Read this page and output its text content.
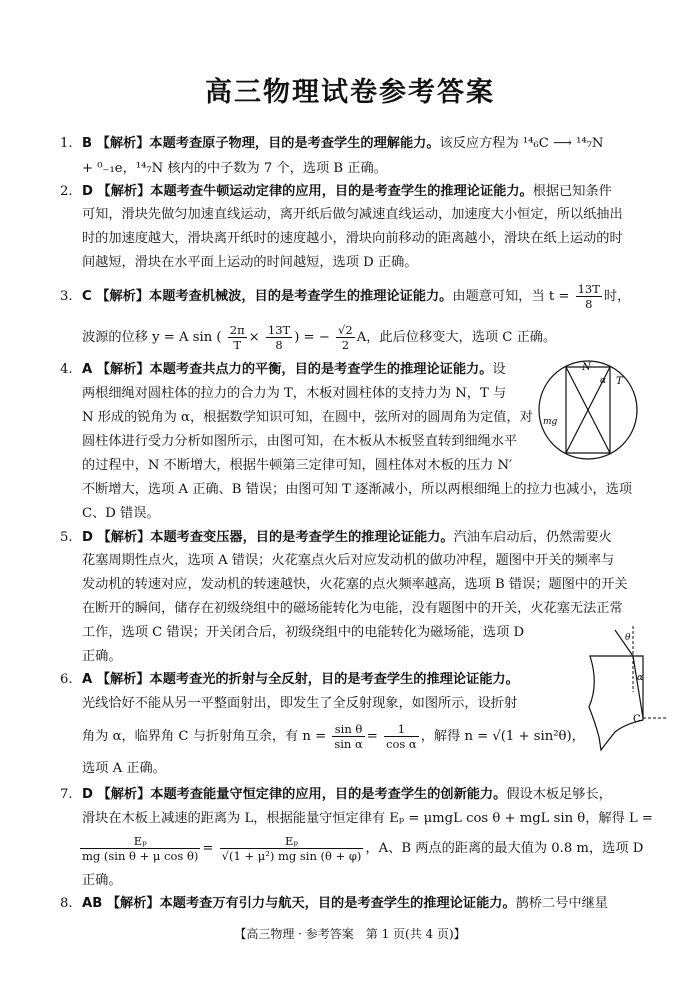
高三物理试卷参考答案
1. B 【解析】本题考查原子物理，目的是考查学生的理解能力。该反应方程为 ¹⁴₆C ⟶ ¹⁴₇N
+ ⁰₋₁e，¹⁴₇N 核内的中子数为 7 个，选项 B 正确。
2. D 【解析】本题考查牛顿运动定律的应用，目的是考查学生的推理论证能力。根据已知条件
可知，滑块先做匀加速直线运动，离开纸后做匀减速直线运动，加速度大小恒定，所以纸抽出
时的加速度越大，滑块离开纸时的速度越小，滑块向前移动的距离越小，滑块在纸上运动的时
间越短，滑块在水平面上运动的时间越短，选项 D 正确。
3. C 【解析】本题考查机械波，目的是考查学生的推理论证能力。由题意可知，当 $t = \frac{13T}{8}$ 时，
波源的位移 y = A sin ( $\frac{2\pi}{T} \times \frac{13T}{8}$ ) = − $\frac{√2}{2}$ A，此后位移变大，选项 C 正确。
4. A 【解析】本题考查共点力的平衡，目的是考查学生的推理论证能力。设
两根细绳对圆柱体的拉力的合力为 T，木板对圆柱体的支持力为 N，T 与
N 形成的锐角为 α，根据数学知识可知，在圆中，弦所对的圆周角为定值，对
圆柱体进行受力分析如图所示，由图可知，在木板从木板竖直转到细绳水平
的过程中，N 不断增大，根据牛顿第三定律可知，圆柱体对木板的压力 N′
不断增大，选项 A 正确、B 错误；由图可知 T 逐渐减小，所以两根细绳上的拉力也减小，选项
C、D 错误。
N
T
α
mg
5. D 【解析】本题考查变压器，目的是考查学生的推理论证能力。汽油车启动后，仍然需要火
花塞周期性点火，选项 A 错误；火花塞点火后对应发动机的做功冲程，题图中开关的频率与
发动机的转速对应，发动机的转速越快，火花塞的点火频率越高，选项 B 错误；题图中的开关
在断开的瞬间，储存在初级绕组中的磁场能转化为电能，没有题图中的开关，火花塞无法正常
工作，选项 C 错误；开关闭合后，初级绕组中的电能转化为磁场能，选项 D
正确。
6. A 【解析】本题考查光的折射与全反射，目的是考查学生的推理论证能力。
光线恰好不能从另一平整面射出，即发生了全反射现象，如图所示，设折射
角为 α，临界角 C 与折射角互余，有 $n = \frac{\text{sin θ}}{\text{sin α}} = \frac{1}{\text{cos α}}$ ，解得 n = √(1 + sin²θ)，
选项 A 正确。
θ
α
C
7. D 【解析】本题考查能量守恒定律的应用，目的是考查学生的创新能力。假设木板足够长，
滑块在木板上减速的距离为 L，根据能量守恒定律有 Eₚ = μmgL cos θ + mgL sin θ，解得 L =
$\frac{\text{Eₚ}}{\text{mg (sin θ + μ cos θ)}} = \frac{\text{Eₚ}}{\text{√(1 + μ²) mg sin (θ + φ)}}$ ，A、B 两点的距离的最大值为 0.8 m，选项 D
正确。
8. AB 【解析】本题考查万有引力与航天，目的是考查学生的推理论证能力。鹊桥二号中继星
【高三物理 · 参考答案　第 1 页(共 4 页)】
